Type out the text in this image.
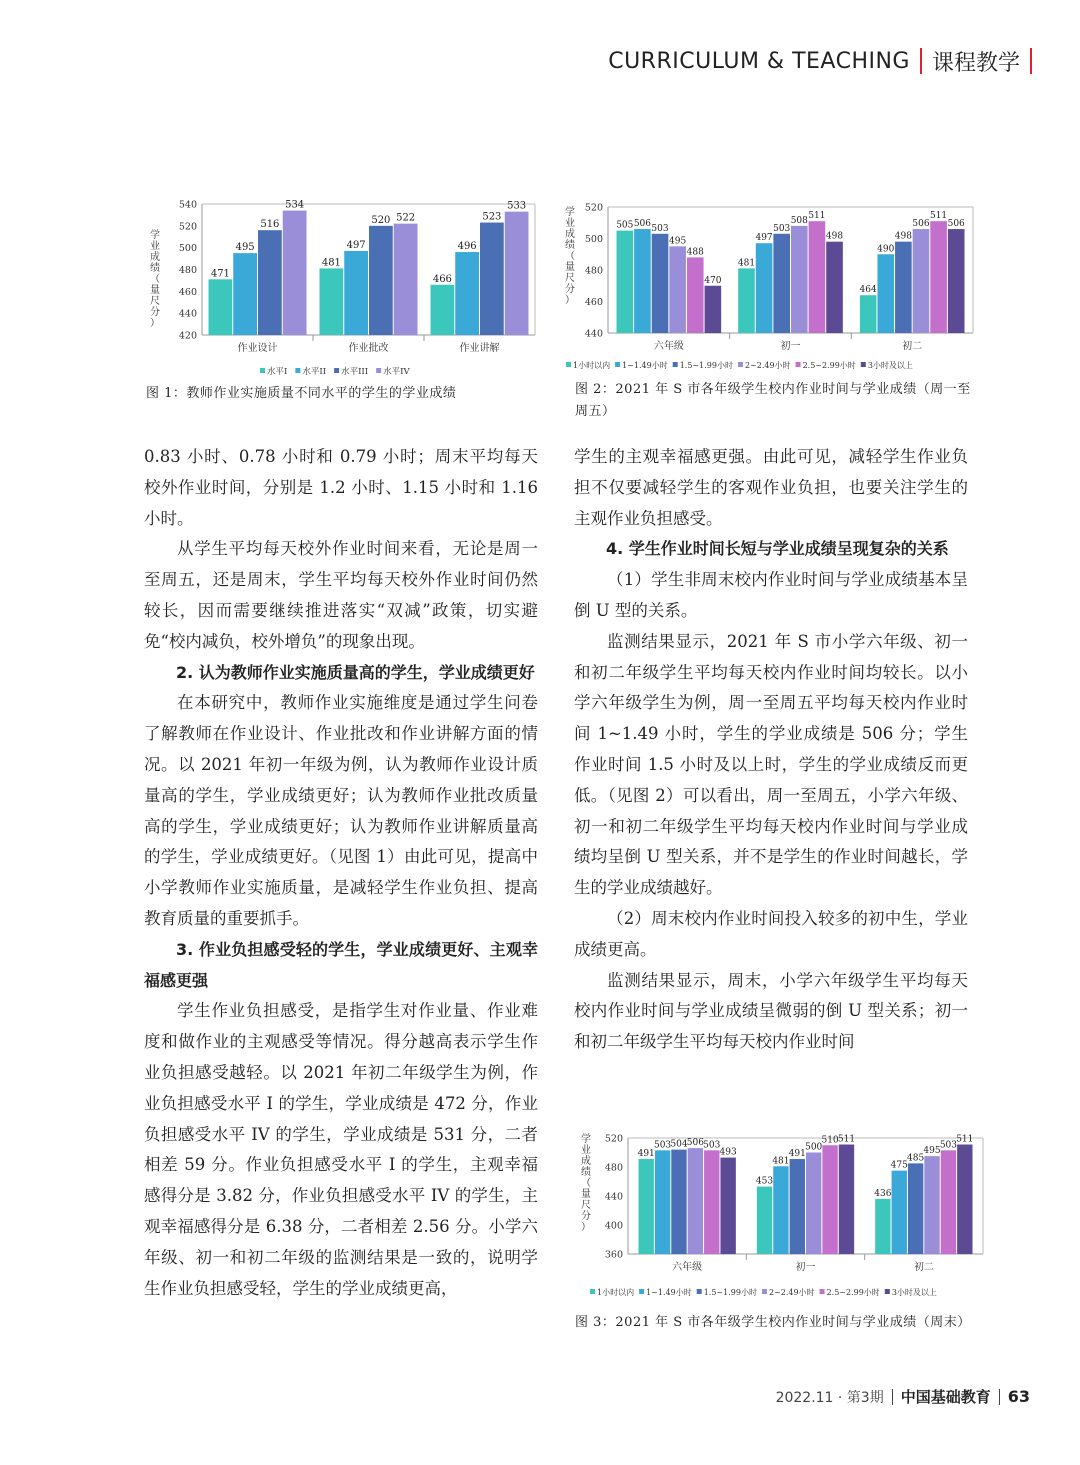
CURRICULUM & TEACHING 课程教学
学
业
成
绩
（
量
尺
分
）
420
440
460
480
500
520
540
471
495
516
534
作业设计
481
497
520 522
作业批改
466
496
523
533
作业讲解
水平I 水平II 水平III 水平IV
图 1：教师作业实施质量不同水平的学生的学业成绩
学
业
成
绩
（
量
尺
分
）
440
460
480
500
520
505 506 503
495
488
470
六年级
481
497
503
508 511
498
初一
464
490
498
506
511
506
初二
1小时以内 1~1.49小时 1.5~1.99小时 2~2.49小时 2.5~2.99小时 3小时及以上
图 2：2021 年 S 市各年级学生校内作业时间与学业成绩（周一至周五）
学
业
成
绩
（
量
尺
分
）
360
400
440
480
520
491
503 504 506 503
493
六年级
453
481
491
500
510 511
初一
436
475
485
495
503
511
初二
1小时以内 1~1.49小时 1.5~1.99小时 2~2.49小时 2.5~2.99小时 3小时及以上
图 3：2021 年 S 市各年级学生校内作业时间与学业成绩（周末）

0.83 小时、0.78 小时和 0.79 小时；周末平均每天校外作业时间，分别是 1.2 小时、1.15 小时和 1.16 小时。

从学生平均每天校外作业时间来看，无论是周一至周五，还是周末，学生平均每天校外作业时间仍然较长，因而需要继续推进落实“双减”政策，切实避免“校内减负，校外增负”的现象出现。

2. 认为教师作业实施质量高的学生，学业成绩更好

在本研究中，教师作业实施维度是通过学生问卷了解教师在作业设计、作业批改和作业讲解方面的情况。以 2021 年初一年级为例，认为教师作业设计质量高的学生，学业成绩更好；认为教师作业批改质量高的学生，学业成绩更好；认为教师作业讲解质量高的学生，学业成绩更好。（见图 1）由此可见，提高中小学教师作业实施质量，是减轻学生作业负担、提高教育质量的重要抓手。

3. 作业负担感受轻的学生，学业成绩更好、主观幸福感更强

学生作业负担感受，是指学生对作业量、作业难度和做作业的主观感受等情况。得分越高表示学生作业负担感受越轻。以 2021 年初二年级学生为例，作业负担感受水平 I 的学生，学业成绩是 472 分，作业负担感受水平 IV 的学生，学业成绩是 531 分，二者相差 59 分。作业负担感受水平 I 的学生，主观幸福感得分是 3.82 分，作业负担感受水平 IV 的学生，主观幸福感得分是 6.38 分，二者相差 2.56 分。小学六年级、初一和初二年级的监测结果是一致的，说明学生作业负担感受轻，学生的学业成绩更高，

学生的主观幸福感更强。由此可见，减轻学生作业负担不仅要减轻学生的客观作业负担，也要关注学生的主观作业负担感受。

4. 学生作业时间长短与学业成绩呈现复杂的关系

（1）学生非周末校内作业时间与学业成绩基本呈倒 U 型的关系。

监测结果显示，2021 年 S 市小学六年级、初一和初二年级学生平均每天校内作业时间均较长。以小学六年级学生为例，周一至周五平均每天校内作业时间 1~1.49 小时，学生的学业成绩是 506 分；学生作业时间 1.5 小时及以上时，学生的学业成绩反而更低。（见图 2）可以看出，周一至周五，小学六年级、初一和初二年级学生平均每天校内作业时间与学业成绩均呈倒 U 型关系，并不是学生的作业时间越长，学生的学业成绩越好。

（2）周末校内作业时间投入较多的初中生，学业成绩更高。

监测结果显示，周末，小学六年级学生平均每天校内作业时间与学业成绩呈微弱的倒 U 型关系；初一和初二年级学生平均每天校内作业时间

2022.11 · 第3期 中国基础教育 63
